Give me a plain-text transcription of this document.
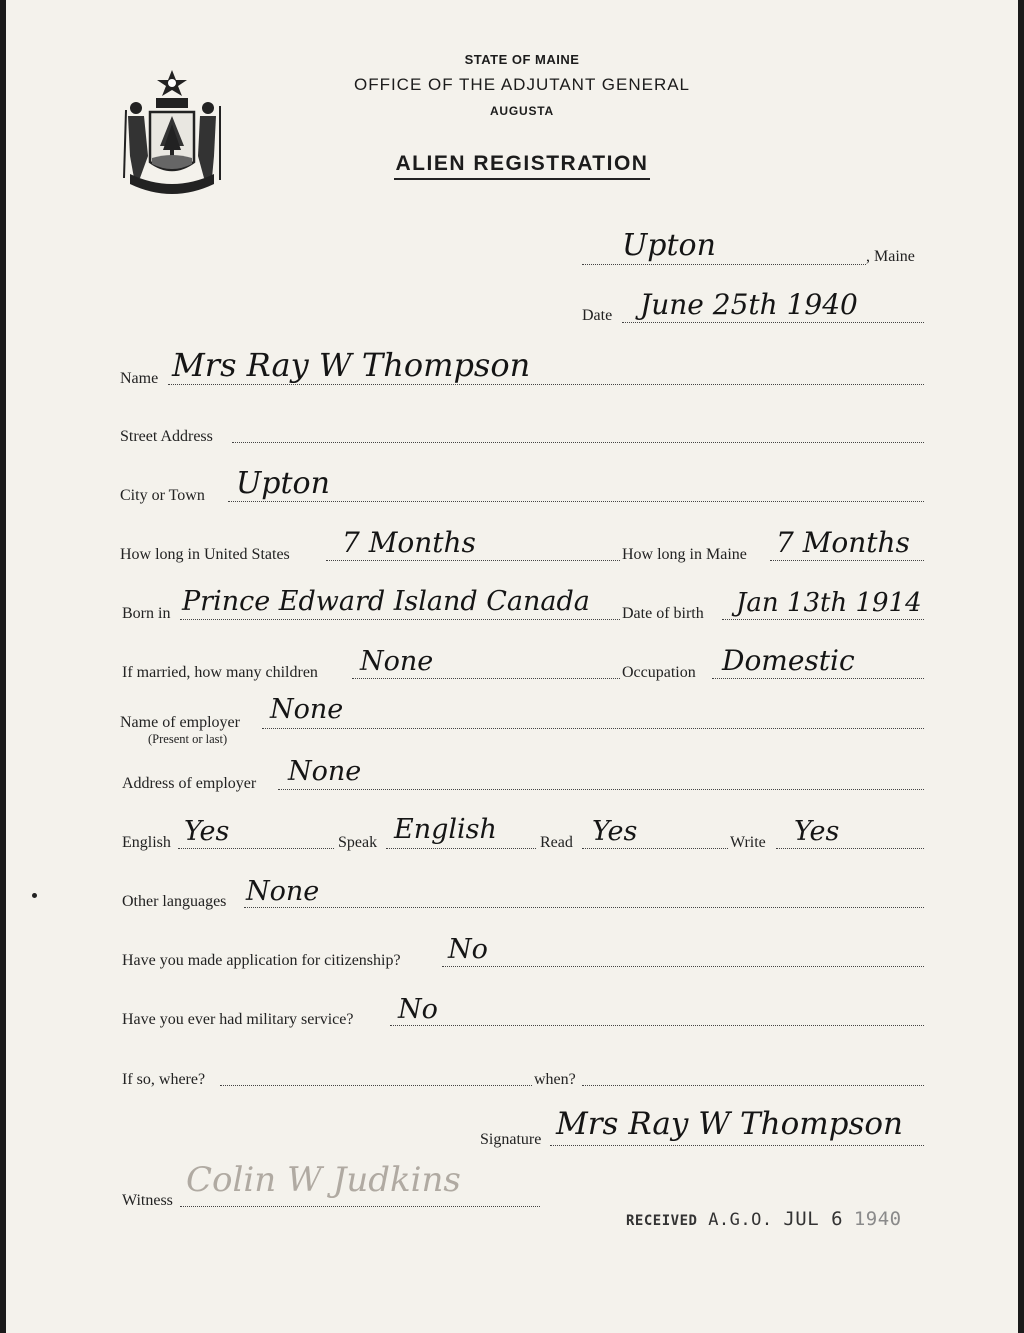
STATE OF MAINE
OFFICE OF THE ADJUTANT GENERAL
AUGUSTA
ALIEN REGISTRATION
Upton	, Maine
Date June 25th 1940
Name Mrs Ray W Thompson
Street Address
City or Town Upton
How long in United States 7 Months	How long in Maine 7 Months
Born in Prince Edward Island Canada Date of birth Jan 13th 1914
If married, how many children None	Occupation Domestic
Name of employer
(Present or last)
None
Address of employer None
English Yes	Speak English	Read Yes	Write Yes
Other languages None
Have you made application for citizenship? No
Have you ever had military service? No
If so, where?	when?
Signature Mrs Ray W Thompson
Witness
Colin W Judkins
RECEIVED A.G.O. JUL 6 1940
